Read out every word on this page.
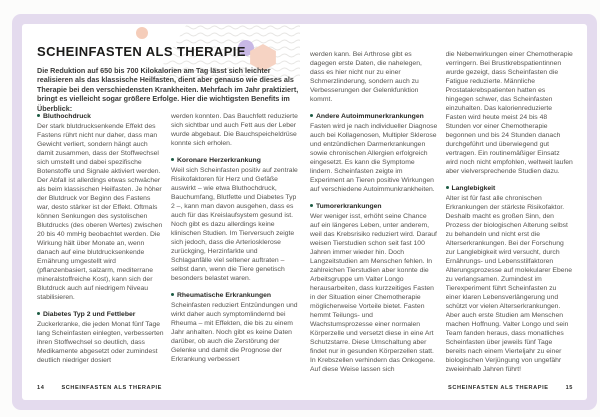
SCHEINFASTEN ALS THERAPIE

Die Reduktion auf 650 bis 700 Kilokalorien am Tag lässt sich leichter realisieren als das klassische Heilfasten, dient aber genauso wie dieses als Therapie bei den verschiedensten Krankheiten. Mehrfach im Jahr praktiziert, bringt es vielleicht sogar größere Erfolge. Hier die wichtigsten Benefits im Überblick:

Bluthochdruck

Der stark blutdrucksenkende Effekt des Fastens rührt nicht nur daher, dass man Gewicht verliert, sondern hängt auch damit zusammen, dass der Stoffwechsel sich umstellt und dabei spezifische Botenstoffe und Signale aktiviert werden. Der Abfall ist allerdings etwas schwächer als beim klassischen Heilfasten. Je höher der Blutdruck vor Beginn des Fastens war, desto stärker ist der Effekt. Oftmals können Senkungen des systolischen Blutdrucks (des oberen Wertes) zwischen 20 bis 40 mmHg beobachtet werden. Die Wirkung hält über Monate an, wenn danach auf eine blutdrucksenkende Ernährung umgestellt wird (pflanzenbasiert, salzarm, mediterrane mineralstoffreiche Kost), kann sich der Blutdruck auch auf niedrigem Niveau stabilisieren.

Diabetes Typ 2 und Fettleber

Zuckerkranke, die jeden Monat fünf Tage lang Scheinfasten einlegten, verbesserten ihren Stoffwechsel so deutlich, dass Medikamente abgesetzt oder zumindest deutlich niedriger dosiert

werden konnten. Das Bauchfett reduzierte sich sichtbar und auch Fett aus der Leber wurde abgebaut. Die Bauchspeicheldrüse konnte sich erholen.

Koronare Herzerkrankung

Weil sich Scheinfasten positiv auf zentrale Risikofaktoren für Herz und Gefäße auswirkt – wie etwa Bluthochdruck, Bauchumfang, Blutfette und Diabetes Typ 2 –, kann man davon ausgehen, dass es auch für das Kreislaufsystem gesund ist. Noch gibt es dazu allerdings keine klinischen Studien. Im Tierversuch zeigte sich jedoch, dass die Arteriosklerose zurückging, Herzinfarkte und Schlaganfälle viel seltener auftraten – selbst dann, wenn die Tiere genetisch besonders belastet waren.

Rheumatische Erkrankungen

Scheinfasten reduziert Entzündungen und wirkt daher auch symptomlindernd bei Rheuma – mit Effekten, die bis zu einem Jahr anhalten. Noch gibt es keine Daten darüber, ob auch die Zerstörung der Gelenke und damit die Prognose der Erkrankung verbessert

werden kann. Bei Arthrose gibt es dagegen erste Daten, die nahelegen, dass es hier nicht nur zu einer Schmerzlinderung, sondern auch zu Verbesserungen der Gelenkfunktion kommt.

Andere Autoimmunerkrankungen

Fasten wird je nach individueller Diagnose auch bei Kollagenosen, Multipler Sklerose und entzündlichen Darmerkrankungen sowie chronischen Allergien erfolgreich eingesetzt. Es kann die Symptome lindern. Scheinfasten zeigte im Experiment an Tieren positive Wirkungen auf verschiedene Autoimmunkrankheiten.

Tumorerkrankungen

Wer weniger isst, erhöht seine Chance auf ein längeres Leben, unter anderem, weil das Krebsrisiko reduziert wird. Darauf weisen Tierstudien schon seit fast 100 Jahren immer wieder hin. Doch Langzeitstudien am Menschen fehlen. In zahlreichen Tierstudien aber konnte die Arbeitsgruppe um Valter Longo herausarbeiten, dass kurzzeitiges Fasten in der Situation einer Chemotherapie möglicherweise Vorteile bietet. Fasten hemmt Teilungs- und Wachstumsprozesse einer normalen Körperzelle und versetzt diese in eine Art Schutzstarre. Diese Umschaltung aber findet nur in gesunden Körperzellen statt. In Krebszellen verhindern das Onkogene. Auf diese Weise lassen sich

die Nebenwirkungen einer Chemotherapie verringern. Bei Brustkrebspatientinnen wurde gezeigt, dass Scheinfasten die Fatigue reduzierte. Männliche Prostatakrebspatienten hatten es hingegen schwer, das Scheinfasten einzuhalten. Das kalorienreduzierte Fasten wird heute meist 24 bis 48 Stunden vor einer Chemotherapie begonnen und bis 24 Stunden danach durchgeführt und überwiegend gut vertragen. Ein routinemäßiger Einsatz wird noch nicht empfohlen, weltweit laufen aber vielversprechende Studien dazu.

Langlebigkeit

Alter ist für fast alle chronischen Erkrankungen der stärkste Risikofaktor. Deshalb macht es großen Sinn, den Prozess der biologischen Alterung selbst zu behandeln und nicht erst die Alterserkrankungen. Bei der Forschung zur Langlebigkeit wird versucht, durch Ernährungs- und Lebensstilfaktoren Alterungsprozesse auf molekularer Ebene zu verlangsamen. Zumindest im Tierexperiment führt Scheinfasten zu einer klaren Lebensverlängerung und schützt vor vielen Alterserkrankungen. Aber auch erste Studien am Menschen machen Hoffnung. Valter Longo und sein Team fanden heraus, dass monatliches Scheinfasten über jeweils fünf Tage bereits nach einem Vierteljahr zu einer biologischen Verjüngung von ungefähr zweieinhalb Jahren führt!

14	SCHEINFASTEN ALS THERAPIE	SCHEINFASTEN ALS THERAPIE	15
